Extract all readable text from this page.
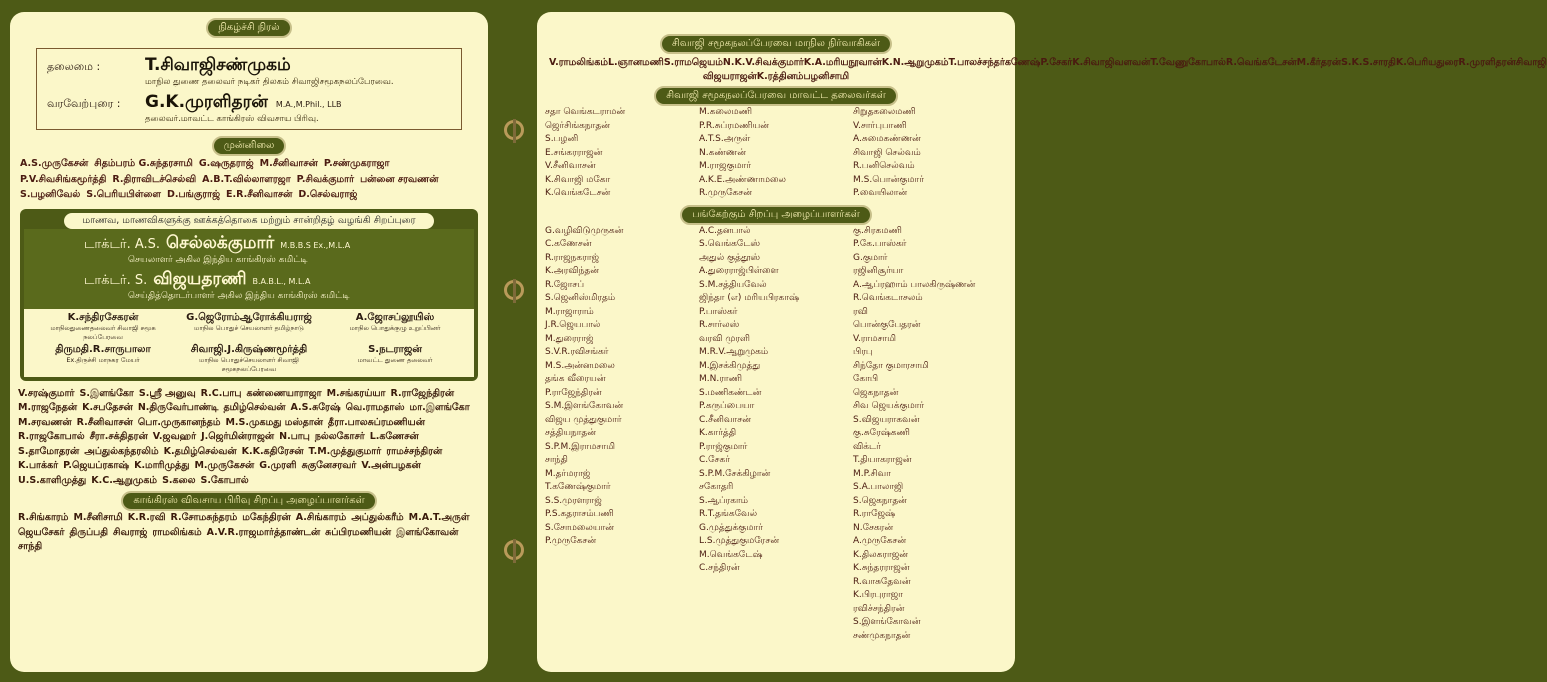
நிகழ்ச்சி நிரல்
தலைமை :	T.சிவாஜிசண்முகம்
மாநில துணை தலைவர் நடிகர் திலகம் சிவாஜிசமூகநலப்பேரவை.
வரவேற்புரை :	G.K.முரளிதரன் M.A.,M.Phil., LLB
தலைவர்.மாவட்ட காங்கிரஸ் விவசாய பிரிவு.
முன்னிலை
A.S.முருகேசன் சிதம்பரம் G.சுந்தரசாமி G.ஷருதராஜ் M.சீனிவாசன் P.சண்முகராஜாP.V.சிவசிங்கமூர்த்தி R.திராவிடச்செல்வி A.B.T.வில்லாளரஜா P.சிவக்குமார் பன்னை சரவணன்S.பழனிவேல் S.பெரியபிள்ளை D.பங்குராஜ் E.R.சீனிவாசன் D.செல்வராஜ்
மாணவ, மாணவிகளுக்கு ஊக்கத்தொகை மற்றும் சான்றிதழ் வழங்கி சிறப்புரை
டாக்டர். A.S. செல்லக்குமார் M.B.B.S Ex.,M.L.A
செயலாளர் அகில இந்திய காங்கிரஸ் கமிட்டி
டாக்டர். S. விஜயதரணி B.A.B.L., M.L.A
செய்தித்தொடர்பாளர் அகில இந்திய காங்கிரஸ் கமிட்டி
K.சந்திரசேகரன்
மாநிலதுணைதலைவர் சிவாஜி சமூக நலப்பேரவை
G.ஜெரோம்ஆரோக்கியராஜ்
மாநில பொதுச் செயலாளர் தமிழ்நாடு
A.ஜோசப்லூயிஸ்
மாநில பொதுக்குழு உறுப்பினர்
திருமதி.R.சாருபாலா
Ex.திருச்சி மாநகர மேயர்
சிவாஜி.J.கிருஷ்ணமூர்த்தி
மாநில பொதுச்செயலாளர் சிவாஜி சமூகநலப்பேரவை
S.நடராஜன்
மாவட்ட துணை தலைவர்
V.சரஷ்குமார் S.இளங்கோ S.ஸ்ரீ அனுவு R.C.பாபு கண்ணையாராஜா M.சங்கரய்யா R.ராஜேந்திரன்M.ராஜநேதன் K.சபதேசன் N.திருவேர்பாண்டி தமிழ்செல்வன் A.S.சுரேஷ் வெ.ராமதாஸ் மா.இளங்கோM.சரவணன் R.சீனிவாசன் பொ.முருகானந்தம் M.S.முகமது மஸ்தான் தீரா.பாலசுப்ரமணியன்R.ராஜகோபால் சீரா.சக்திதரன் V.ஜவஹர் J.ஜெர்மின்ராஜன் N.பாபு நல்லகோசர் L.கணேசன்S.தாமோதரன் அப்துல்கந்தரலிம் K.தமிழ்செல்வன் K.K.கதிரேசன் T.M.முத்துகுமார் ராமச்சந்திரன்K.பாக்கர் P.ஜெயப்ரகாஷ் K.மாரிமுத்து M.முருகேசன் G.முரளி சுகுனேசரவர் V.அன்பழகன்U.S.காளிமுத்து K.C.ஆறுமுகம் S.கலை S.கோபால்
காங்கிரஸ் விவசாய பிரிவு சிறப்பு அழைப்பாளர்கள்
R.சிங்காரம் M.சீனிசாமி K.R.ரவி R.சோமசுந்தரம் மகேந்திரன் A.சிங்காரம் அப்துல்கரீம் M.A.T.அருள்ஜெயசேகர் திருப்பதி சிவராஜ் ராமலிங்கம் A.V.R.ராஜமார்த்தாண்டன் சுப்பிரமணியன் இளங்கோவன்சாந்தி
சிவாஜி சமூகநலப்பேரவை மாநில நிர்வாகிகள்
V.ராமலிங்கம்L.ஞானமணிS.ராமஜெயம்N.K.V.சிவக்குமார்K.A.மரியநூவான்K.N.ஆறுமுகம்T.பாலச்சந்தர்கணேஷ்P.சேகர்K.சிவாஜிவளவன்T.வேணுகோபால்R.வெங்கடேசன்M.கீர்தரன்S.K.S.சாரதிK.பெரியதுரைR.முரளிதரன்சிவாஜி விஜயராஜன்K.ரத்தினம்பழனிசாமி
சிவாஜி சமூகநலப்பேரவை மாவட்ட தலைவர்கள்
சதா வெங்கடராமன்
ஜெர்சிங்கநாதன்
S.பழனி
E.சங்கரராஜன்
V.சீனிவாசன்
K.சிவாஜி மகோ
K.வெங்கடேசன்
M.கலைமணி
P.R.சுப்ரமணியன்
A.T.S.அருள்
N.கண்ணன்
M.ராஜகுமார்
A.K.E.அண்ணாமலை
R.முருகேசன்
சிறுதகலைமணி
V.சார்புபாணி
A.சுமைகண்ணன்
சிவாஜி செல்வம்
R.பனிசெல்வம்
M.S.பொன்குமார்
P.வையிலான்
பங்கேற்கும் சிறப்பு அழைப்பாளர்கள்
G.வழிவிடுமுருகன்
C.கணேசன்
R.ராஜநகராஜ்
K.அரவிந்தன்
R.ஜோசப்
S.ஜெனிஸ்மிரதம்
M.ராஜாராம்
J.R.ஜெயபால்
M.துரைராஜ்
S.V.R.ரவிசங்கர்
M.S.அன்னமலை
தங்க வீரையன்
P.ராஜேந்திரன்
S.M.இளங்கோவன்
விஜய முத்துகுமார்
சத்தியநாதன்
S.P.M.இராமசாமி
சாந்தி
M.தர்மராஜ்
T.கணேஷ்குமார்
S.S.முரளராஜ்
P.S.கதராசம்பணி
S.சோமலையான்
P.முருகேசன்
A.C.தனபால்
S.வெங்கடேஸ்
அதுல் குத்தூஸ்
A.துரைராஜ்பிள்ளை
S.M.சத்தியவேல்
ஜிந்தா (எ) மரியபிரகாஷ்
P.பாஸ்கர்
R.சார்லஸ்
வரவி முரளி
M.R.V.ஆறுமுகம்
M.இசக்கிமுத்து
M.N.ராணி
S.மணிகண்டன்
P.கருப்பையா
C.சீனிவாசன்
K.கார்த்தி
P.ராஜ்குமார்
C.சேகர்
S.P.M.சேக்கிழான்
சகோதரி
S.ஆப்ரகாம்
R.T.தங்கவேல்
G.முத்துக்குமார்
L.S.முத்துகுமரேசன்
M.வெங்கடேஷ்
C.சந்திரன்
கு.சிரகமணி
P.கே.பாஸ்கர்
G.குமார்
ரஜினிசூர்யா
A.ஆப்ரஹாம் பாலகிருஷ்ணன்
R.வெங்கடாசலம்
ரவி
பொன்குபேதரன்
V.ராமசாமி
பிரபு
சிந்தோ குமாரசாமி
கோபி
ஜெகநாதன்
சிவ ஜெயக்குமார்
S.விஜயராகவன்
கு.சுரேஷ்கணி
விக்டர்
T.தியாகராஜன்
M.P.சிவா
S.A.பாலாஜி
S.ஜெகநாதன்
R.ராஜேஷ்
N.சேகரன்
A.முருகேசன்
K.திலகராஜன்
K.சுந்தரராஜன்
R.வாசுதேவன்
K.பிரபுராஜா
ரவிச்சந்திரன்
S.இளங்கோவன்
சண்முகநாதன்
